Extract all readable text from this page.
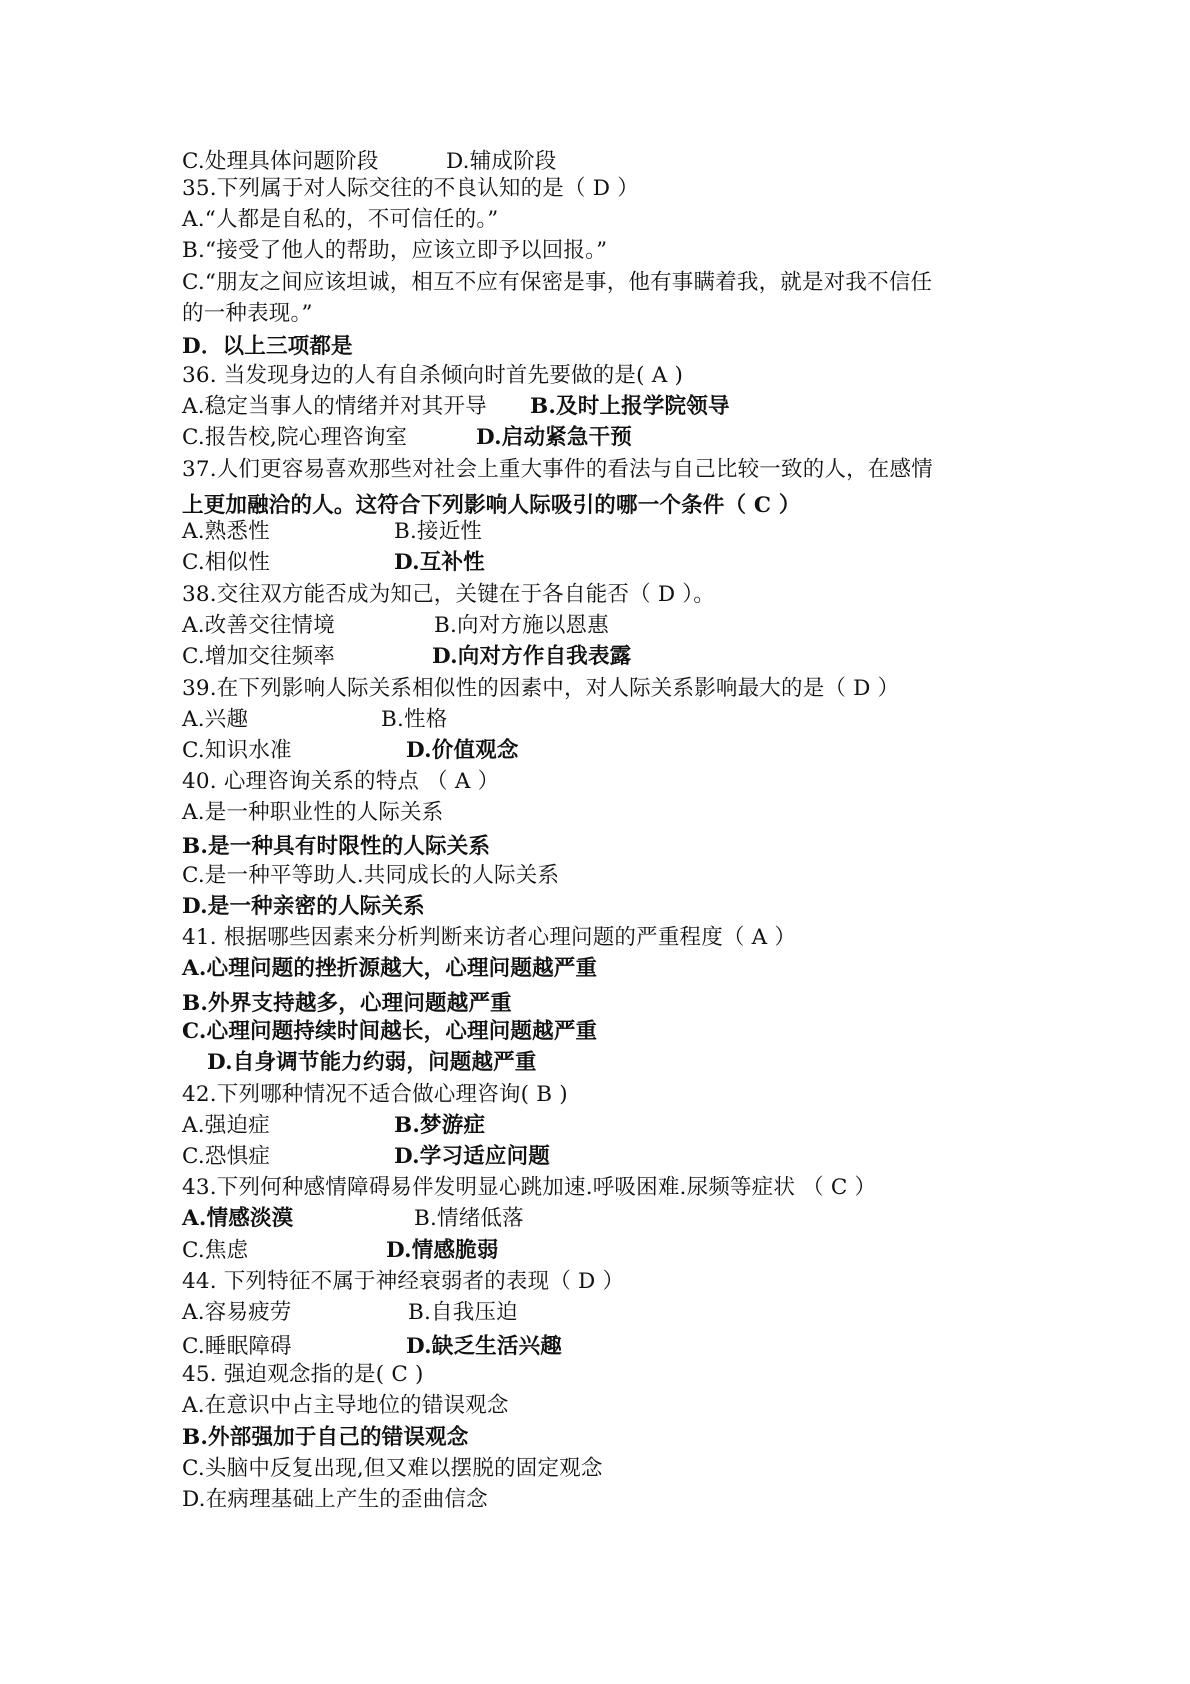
C.处理具体问题阶段	D.辅成阶段
35.下列属于对人际交往的不良认知的是（ D ）
A.“人都是自私的，不可信任的。”
B.“接受了他人的帮助，应该立即予以回报。”
C.“朋友之间应该坦诚，相互不应有保密是事，他有事瞒着我，就是对我不信任
的一种表现。”
D．以上三项都是
36. 当发现身边的人有自杀倾向时首先要做的是( A )
A.稳定当事人的情绪并对其开导 B.及时上报学院领导
C.报告校,院心理咨询室	D.启动紧急干预
37.人们更容易喜欢那些对社会上重大事件的看法与自己比较一致的人，在感情
上更加融洽的人。这符合下列影响人际吸引的哪一个条件（ C ）
A.熟悉性	B.接近性
C.相似性	D.互补性
38.交往双方能否成为知己，关键在于各自能否（ D ）。
A.改善交往情境	B.向对方施以恩惠
C.增加交往频率	D.向对方作自我表露
39.在下列影响人际关系相似性的因素中，对人际关系影响最大的是（ D ）
A.兴趣	B.性格
C.知识水准	D.价值观念
40. 心理咨询关系的特点 （ A ）
A.是一种职业性的人际关系
B.是一种具有时限性的人际关系
C.是一种平等助人.共同成长的人际关系
D.是一种亲密的人际关系
41. 根据哪些因素来分析判断来访者心理问题的严重程度（ A ）
A.心理问题的挫折源越大，心理问题越严重
B.外界支持越多，心理问题越严重
C.心理问题持续时间越长，心理问题越严重
D.自身调节能力约弱，问题越严重
42.下列哪种情况不适合做心理咨询( B )
A.强迫症	B.梦游症
C.恐惧症	D.学习适应问题
43.下列何种感情障碍易伴发明显心跳加速.呼吸困难.尿频等症状 （ C ）
A.情感淡漠	B.情绪低落
C.焦虑	D.情感脆弱
44. 下列特征不属于神经衰弱者的表现（ D ）
A.容易疲劳	B.自我压迫
C.睡眠障碍	D.缺乏生活兴趣
45. 强迫观念指的是( C )
A.在意识中占主导地位的错误观念
B.外部强加于自己的错误观念
C.头脑中反复出现,但又难以摆脱的固定观念
D.在病理基础上产生的歪曲信念
